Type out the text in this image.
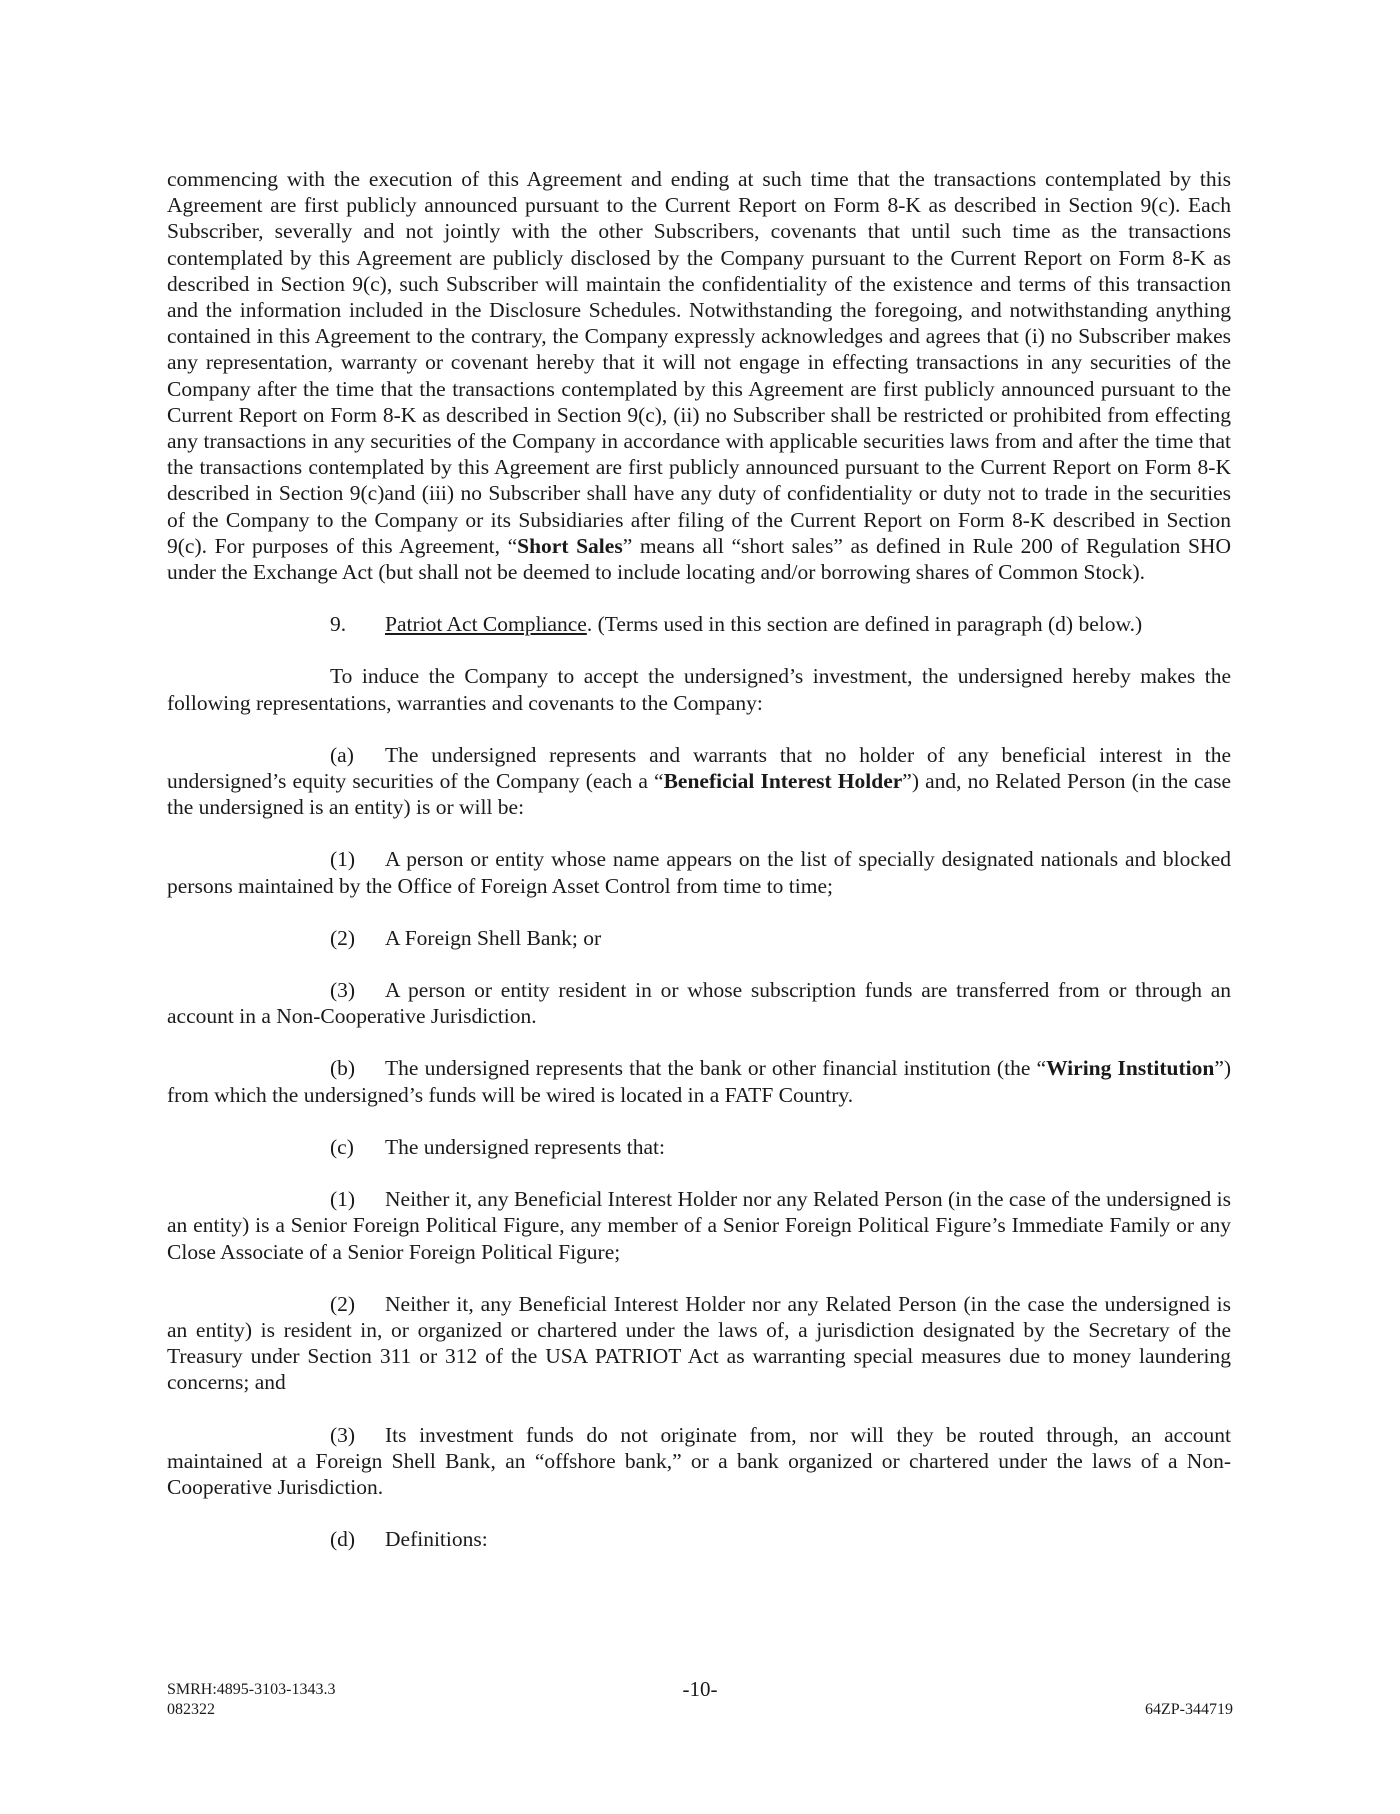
commencing with the execution of this Agreement and ending at such time that the transactions contemplated by this Agreement are first publicly announced pursuant to the Current Report on Form 8-K as described in Section 9(c). Each Subscriber, severally and not jointly with the other Subscribers, covenants that until such time as the transactions contemplated by this Agreement are publicly disclosed by the Company pursuant to the Current Report on Form 8-K as described in Section 9(c), such Subscriber will maintain the confidentiality of the existence and terms of this transaction and the information included in the Disclosure Schedules. Notwithstanding the foregoing, and notwithstanding anything contained in this Agreement to the contrary, the Company expressly acknowledges and agrees that (i) no Subscriber makes any representation, warranty or covenant hereby that it will not engage in effecting transactions in any securities of the Company after the time that the transactions contemplated by this Agreement are first publicly announced pursuant to the Current Report on Form 8-K as described in Section 9(c), (ii) no Subscriber shall be restricted or prohibited from effecting any transactions in any securities of the Company in accordance with applicable securities laws from and after the time that the transactions contemplated by this Agreement are first publicly announced pursuant to the Current Report on Form 8-K described in Section 9(c)and (iii) no Subscriber shall have any duty of confidentiality or duty not to trade in the securities of the Company to the Company or its Subsidiaries after filing of the Current Report on Form 8-K described in Section 9(c). For purposes of this Agreement, “Short Sales” means all “short sales” as defined in Rule 200 of Regulation SHO under the Exchange Act (but shall not be deemed to include locating and/or borrowing shares of Common Stock).

9. Patriot Act Compliance. (Terms used in this section are defined in paragraph (d) below.)

To induce the Company to accept the undersigned’s investment, the undersigned hereby makes the following representations, warranties and covenants to the Company:

(a) The undersigned represents and warrants that no holder of any beneficial interest in the undersigned’s equity securities of the Company (each a “Beneficial Interest Holder”) and, no Related Person (in the case the undersigned is an entity) is or will be:

(1) A person or entity whose name appears on the list of specially designated nationals and blocked persons maintained by the Office of Foreign Asset Control from time to time;

(2) A Foreign Shell Bank; or

(3) A person or entity resident in or whose subscription funds are transferred from or through an account in a Non-Cooperative Jurisdiction.

(b) The undersigned represents that the bank or other financial institution (the “Wiring Institution”) from which the undersigned’s funds will be wired is located in a FATF Country.

(c) The undersigned represents that:

(1) Neither it, any Beneficial Interest Holder nor any Related Person (in the case of the undersigned is an entity) is a Senior Foreign Political Figure, any member of a Senior Foreign Political Figure’s Immediate Family or any Close Associate of a Senior Foreign Political Figure;

(2) Neither it, any Beneficial Interest Holder nor any Related Person (in the case the undersigned is an entity) is resident in, or organized or chartered under the laws of, a jurisdiction designated by the Secretary of the Treasury under Section 311 or 312 of the USA PATRIOT Act as warranting special measures due to money laundering concerns; and

(3) Its investment funds do not originate from, nor will they be routed through, an account maintained at a Foreign Shell Bank, an “offshore bank,” or a bank organized or chartered under the laws of a Non-Cooperative Jurisdiction.

(d) Definitions:

SMRH:4895-3103-1343.3
082322
-10-
64ZP-344719
